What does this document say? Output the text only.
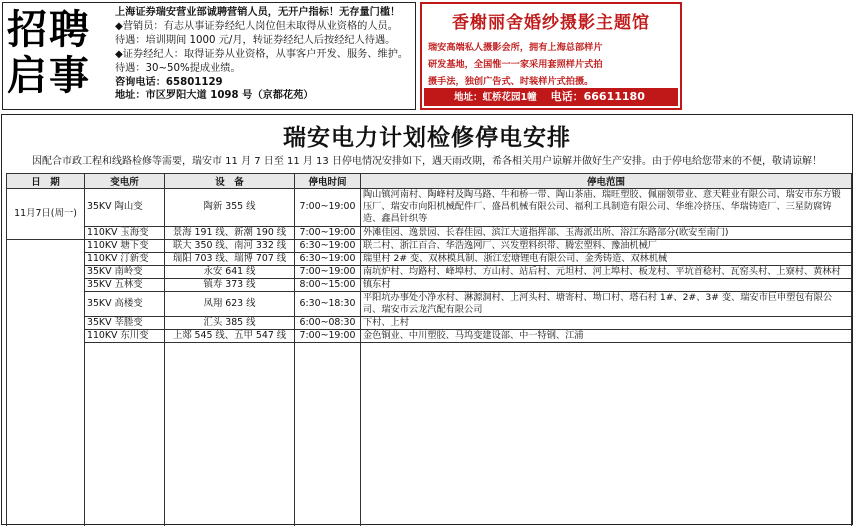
招聘
启事
上海证券瑞安营业部诚聘营销人员，无开户指标！无存量门槛！
◆营销员：有志从事证券经纪人岗位但未取得从业资格的人员。
待遇：培训期间 1000 元/月，转证券经纪人后按经纪人待遇。
◆证券经纪人：取得证券从业资格，从事客户开发、服务、维护。
待遇：30~50%提成业绩。
咨询电话：65801129
地址：市区罗阳大道 1098 号（京都花苑）
香榭丽舍婚纱摄影主题馆
瑞安高端私人摄影会所，拥有上海总部样片
研发基地，全国惟一一家采用套照样片式拍
摄手法，独创广告式、时装样片式拍摄。
地址：虹桥花园1幢 电话：66611180
瑞安电力计划检修停电安排
因配合市政工程和线路检修等需要，瑞安市 11 月 7 日至 11 月 13 日停电情况安排如下，遇天雨改期，希各相关用户谅解并做好生产安排。由于停电给您带来的不便，敬请谅解！
日　期	变电所	设　备	停电时间	停电范围	
11月7日(周一)	35KV 陶山变	陶新 355 线	7:00~19:00	陶山镇河南村、陶峰村及陶马路、牛和桥一带、陶山茶庙、瑞旺塑胶、佩丽领带业、意天鞋业有限公司、瑞安市东方锻压厂、瑞安市向阳机械配件厂、盛昌机械有限公司、福利工具制造有限公司、华维冷挤压、华瑞铸造厂、三星防腐铸造、鑫昌针织等	
	110KV 玉海变	景海 191 线、新潮 190 线	7:00~19:00	外滩佳园、逸景园、长春佳园、滨江大道指挥部、玉海派出所、浴江东路部分(欧安至南门)	
	110KV 塘下变	联大 350 线、南河 332 线	6:30~19:00	联二村、浙江百合、华浩逸网厂、兴发塑料织带、腾宏塑料、豫油机械厂	
	110KV 汀新变	瑞阳 703 线、瑞博 707 线	6:30~19:00	瑞里村 2# 变、双林模具制、浙江宏塘锂电有限公司、金秀铸造、双林机械	
	35KV 南岭变	永安 641 线	7:00~19:00	南坑炉村、均路村、峰埠村、方山村、站后村、元坦村、河上埠村、板龙村、平坑首稔村、瓦窑头村、上寮村、黄林村	
	35KV 五林变	镇寿 373 线	8:00~15:00	镇东村	
	35KV 高楼变	凤翔 623 线	6:30~18:30	平阳坑办事处小净水村、淋源洞村、上河头村、塘寄村、坳口村、塔石村 1#、2#、3# 变、瑞安市巨申塑包有限公司、瑞安市云龙汽配有限公司	
	35KV 莘塍变	汇头 385 线	6:00~08:30	下村、上村	
	110KV 东川变	上郯 545 线、五甲 547 线	7:00~19:00	金色铜业、中川塑胶、马坞变建设部、中一特钢、江浦	
